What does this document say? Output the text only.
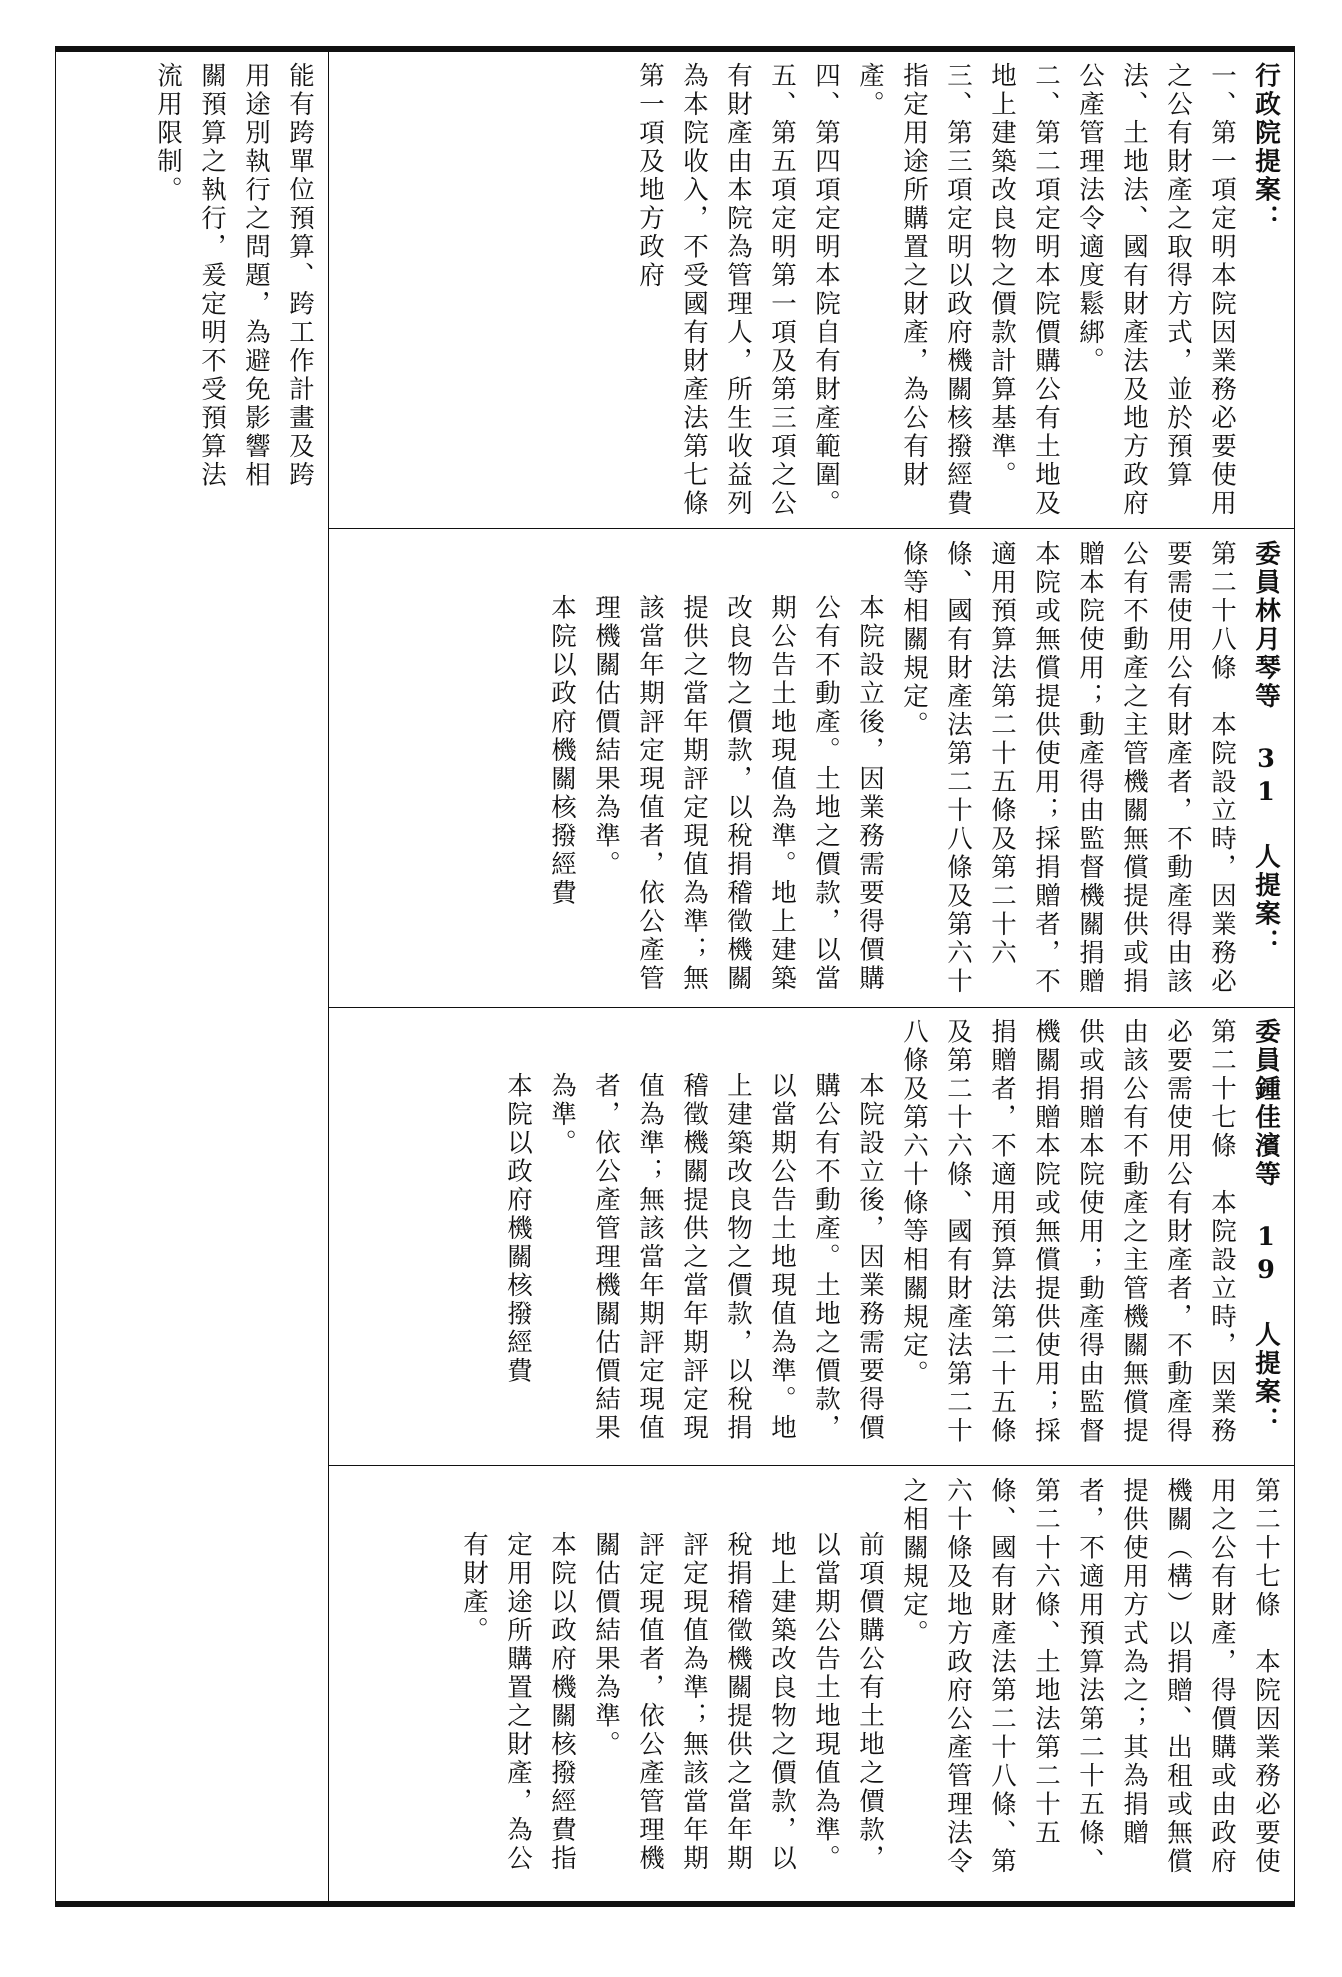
能有跨單位預算、跨工作計畫及跨

用途別執行之問題，為避免影響相

關預算之執行，爰定明不受預算法

流用限制。	行政院提案：

一、第一項定明本院因業務必要使用之公有財產之取得方式，並於預算法、土地法、國有財產法及地方政府公產管理法令適度鬆綁。

二、第二項定明本院價購公有土地及地上建築改良物之價款計算基準。

三、第三項定明以政府機關核撥經費指定用途所購置之財產，為公有財產。

四、第四項定明本院自有財產範圍。

五、第五項定明第一項及第三項之公有財產由本院為管理人，所生收益列為本院收入，不受國有財產法第七條第一項及地方政府

委員林月琴等 31 人提案：

第二十八條　本院設立時，因業務必要需使用公有財產者，不動產得由該公有不動產之主管機關無償提供或捐贈本院使用；動產得由監督機關捐贈本院或無償提供使用；採捐贈者，不適用預算法第二十五條及第二十六條、國有財產法第二十八條及第六十條等相關規定。

本院設立後，因業務需要得價購公有不動產。土地之價款，以當期公告土地現值為準。地上建築改良物之價款，以稅捐稽徵機關提供之當年期評定現值為準；無該當年期評定現值者，依公產管理機關估價結果為準。

本院以政府機關核撥經費

委員鍾佳濱等 19 人提案：

第二十七條　本院設立時，因業務必要需使用公有財產者，不動產得由該公有不動產之主管機關無償提供或捐贈本院使用；動產得由監督機關捐贈本院或無償提供使用；採捐贈者，不適用預算法第二十五條及第二十六條、國有財產法第二十八條及第六十條等相關規定。

本院設立後，因業務需要得價購公有不動產。土地之價款，以當期公告土地現值為準。地上建築改良物之價款，以稅捐稽徵機關提供之當年期評定現值為準；無該當年期評定現值者，依公產管理機關估價結果為準。

本院以政府機關核撥經費

第二十七條　本院因業務必要使用之公有財產，得價購或由政府機關（構）以捐贈、出租或無償提供使用方式為之；其為捐贈者，不適用預算法第二十五條、第二十六條、土地法第二十五條、國有財產法第二十八條、第六十條及地方政府公產管理法令之相關規定。

前項價購公有土地之價款，以當期公告土地現值為準。地上建築改良物之價款，以稅捐稽徵機關提供之當年期評定現值為準；無該當年期評定現值者，依公產管理機關估價結果為準。

本院以政府機關核撥經費指定用途所購置之財產，為公有財產。
